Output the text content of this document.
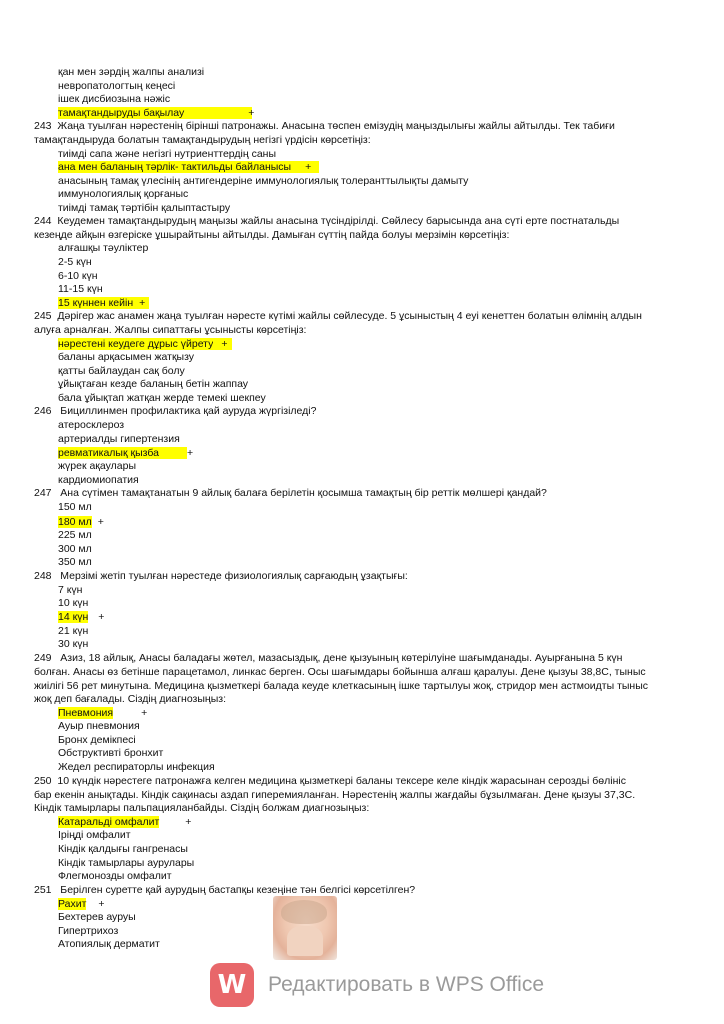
қан мен зәрдің жалпы анализі
невропатологтың кеңесі
ішек дисбиозына нәжіс
тамақтандыруды бақылау	+
243 Жаңа туылған нәрестенің бірінші патронажы. Анасына төспен емізудің маңыздылығы жайлы айтылды. Тек табиғи
тамақтандыруда болатын тамақтандырудың негізгі үрдісін көрсетіңіз:
тиімді сапа және негізгі нутриенттердің саны
ана мен баланың тәрлік- тактильды байланысы +
анасының тамақ үлесінің антигендеріне иммунологиялық толеранттылықты дамыту
иммунологиялық қорғаныс
тиімді тамақ тәртібін қалыптастыру
244 Кеудемен тамақтандырудың маңызы жайлы анасына түсіндірілді. Сөйлесу барысында ана сүті ерте постнатальды
кезеңде айқын өзгеріске ұшырайтыны айтылды. Дамыған сүттің пайда болуы мерзімін көрсетіңіз:
алғашқы тәуліктер
2-5 күн
6-10 күн
11-15 күн
15 күннен кейін +
245 Дәрігер жас анамен жаңа туылған нәресте күтімі жайлы сөйлесуде. 5 ұсыныстың 4 еуі кенеттен болатын өлімнің алдын
алуға арналған. Жалпы сипаттағы ұсынысты көрсетіңіз:
нәрестені кеудеге дұрыс үйрету +
баланы арқасымен жатқызу
қатты байлаудан сақ болу
ұйықтаған кезде баланың бетін жаппау
бала ұйықтап жатқан жерде темекі шекпеу
246 Бициллинмен профилактика қай ауруда жүргізіледі?
атеросклероз
артериалды гипертензия
ревматикалық қызба	+
жүрек ақаулары
кардиомиопатия
247 Ана сүтімен тамақтанатын 9 айлық балаға берілетін қосымша тамақтың бір реттік мөлшері қандай?
150 мл
180 мл +
225 мл
300 мл
350 мл
248 Мерзімі жетіп туылған нәрестеде физиологиялық сарғаюдың ұзақтығы:
7 күн
10 күн
14 күн +
21 күн
30 күн
249 Азиз, 18 айлық, Анасы баладағы жөтел, мазасыздық, дене қызуының көтерілуіне шағымданады. Ауырғанына 5 күн
болған. Анасы өз бетінше парацетамол, линкас берген. Осы шағымдары бойынша алғаш қаралуы. Дене қызуы 38,8С, тыныс
жиілігі 56 рет минутына. Медицина қызметкері балада кеуде клеткасының ішке тартылуы жоқ, стридор мен астмоидты тыныс
жоқ деп бағалады. Сіздің диагнозыңыз:
Пневмония	+
Ауыр пневмония
Бронх демікпесі
Обструктивті бронхит
Жедел респираторлы инфекция
250  10 күндік нәрестеге патронажға келген медицина қызметкері баланы тексере келе кіндік жарасынан сероздьі бөлініс
бар екенін анықтады. Кіндік сақинасы аздап гиперемияланған. Нәрестенің жалпы жағдайы бұзылмаған. Дене қызуы 37,3С.
Кіндік тамырлары пальпацияланбайды. Сіздің болжам диагнозыңыз:
Катаральді омфалит +
Іріңді омфалит
Кіндік қалдығы гангренасы
Кіндік тамырлары аурулары
Флегмонозды омфалит
251 Берілген суретте қай аурудың бастапқы кезеңіне тән белгісі көрсетілген?
Рахит +
Бехтерев ауруы
Гипертрихоз
Атопиялық дерматит
W	Редактировать в WPS Office
